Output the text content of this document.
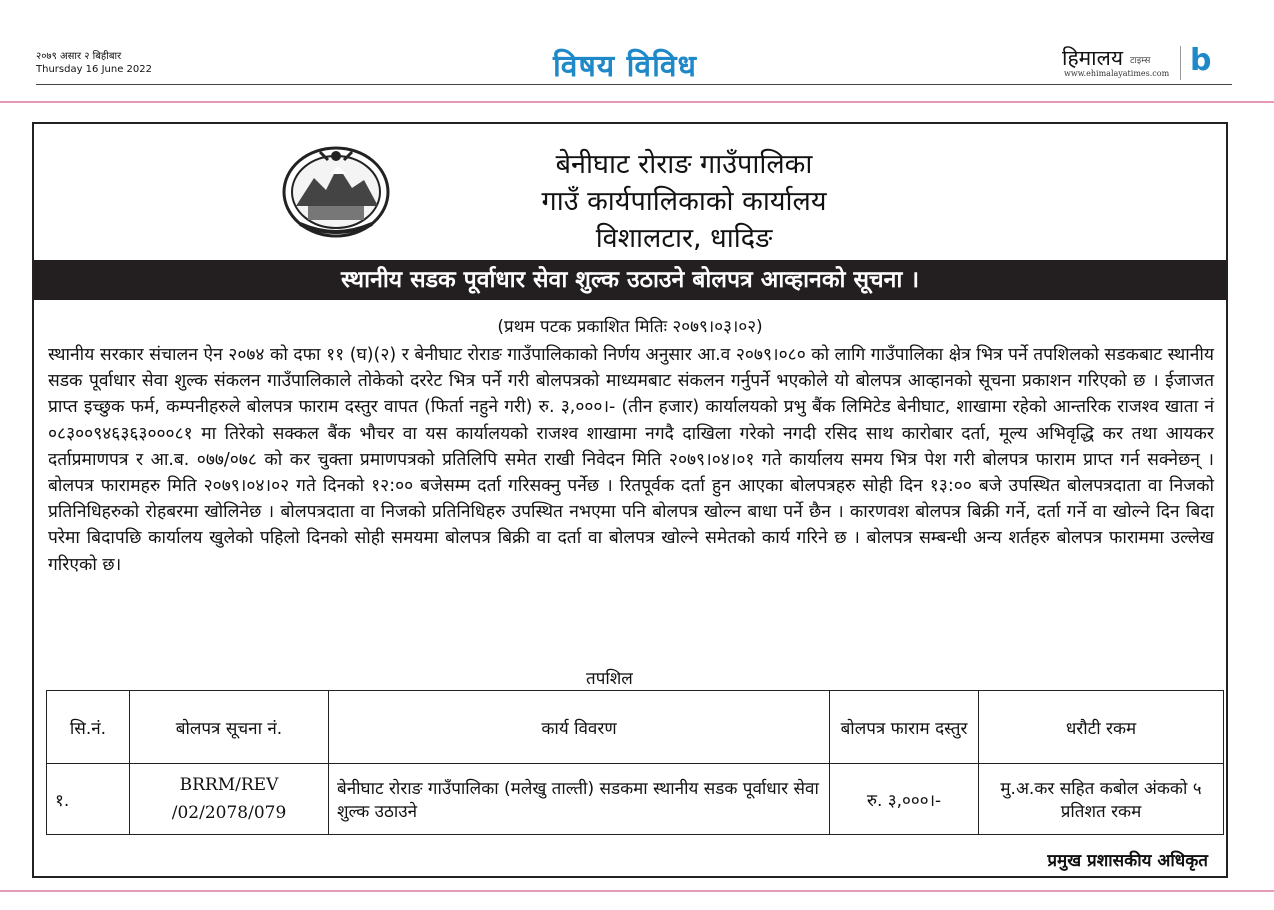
२०७९ असार २ बिहीबार
Thursday 16 June 2022	विषय विविध	हिमालय टाइम्स
www.ehimalayatimes.com b
बेनीघाट रोराङ गाउँपालिका
गाउँ कार्यपालिकाको कार्यालय
विशालटार, धादिङ
स्थानीय सडक पूर्वाधार सेवा शुल्क उठाउने बोलपत्र आव्हानको सूचना ।
(प्रथम पटक प्रकाशित मितिः २०७९।०३।०२)
स्थानीय सरकार संचालन ऐन २०७४ को दफा ११ (घ)(२) र बेनीघाट रोराङ गाउँपालिकाको निर्णय अनुसार आ.व २०७९।०८० को लागि गाउँपालिका क्षेत्र भित्र पर्ने तपशिलको सडकबाट स्थानीय सडक पूर्वाधार सेवा शुल्क संकलन गाउँपालिकाले तोकेको दररेट भित्र पर्ने गरी बोलपत्रको माध्यमबाट संकलन गर्नुपर्ने भएकोले यो बोलपत्र आव्हानको सूचना प्रकाशन गरिएको छ । ईजाजत प्राप्त इच्छुक फर्म, कम्पनीहरुले बोलपत्र फाराम दस्तुर वापत (फिर्ता नहुने गरी) रु. ३,०००।- (तीन हजार) कार्यालयको प्रभु बैंक लिमिटेड बेनीघाट, शाखामा रहेको आन्तरिक राजश्व खाता नं ०८३००९४६३६३०००८१ मा तिरेको सक्कल बैंक भौचर वा यस कार्यालयको राजश्व शाखामा नगदै दाखिला गरेको नगदी रसिद साथ कारोबार दर्ता, मूल्य अभिवृद्धि कर तथा आयकर दर्ताप्रमाणपत्र र आ.ब. ०७७/०७८ को कर चुक्ता प्रमाणपत्रको प्रतिलिपि समेत राखी निवेदन मिति २०७९।०४।०१ गते कार्यालय समय भित्र पेश गरी बोलपत्र फाराम प्राप्त गर्न सक्नेछन् । बोलपत्र फारामहरु मिति २०७९।०४।०२ गते दिनको १२:०० बजेसम्म दर्ता गरिसक्नु पर्नेछ । रितपूर्वक दर्ता हुन आएका बोलपत्रहरु सोही दिन १३:०० बजे उपस्थित बोलपत्रदाता वा निजको प्रतिनिधिहरुको रोहबरमा खोलिनेछ । बोलपत्रदाता वा निजको प्रतिनिधिहरु उपस्थित नभएमा पनि बोलपत्र खोल्न बाधा पर्ने छैन । कारणवश बोलपत्र बिक्री गर्ने, दर्ता गर्ने वा खोल्ने दिन बिदा परेमा बिदापछि कार्यालय खुलेको पहिलो दिनको सोही समयमा बोलपत्र बिक्री वा दर्ता वा बोलपत्र खोल्ने समेतको कार्य गरिने छ । बोलपत्र सम्बन्धी अन्य शर्तहरु बोलपत्र फाराममा उल्लेख गरिएको छ।
तपशिल
सि.नं.	बोलपत्र सूचना नं.	कार्य विवरण	बोलपत्र फाराम दस्तुर	धरौटी रकम
१.	BRRM/REV /02/2078/079	बेनीघाट रोराङ गाउँपालिका (मलेखु ताल्ती) सडकमा स्थानीय सडक पूर्वाधार सेवा शुल्क उठाउने	रु. ३,०००।-	मु.अ.कर सहित कबोल अंकको ५ प्रतिशत रकम
प्रमुख प्रशासकीय अधिकृत
